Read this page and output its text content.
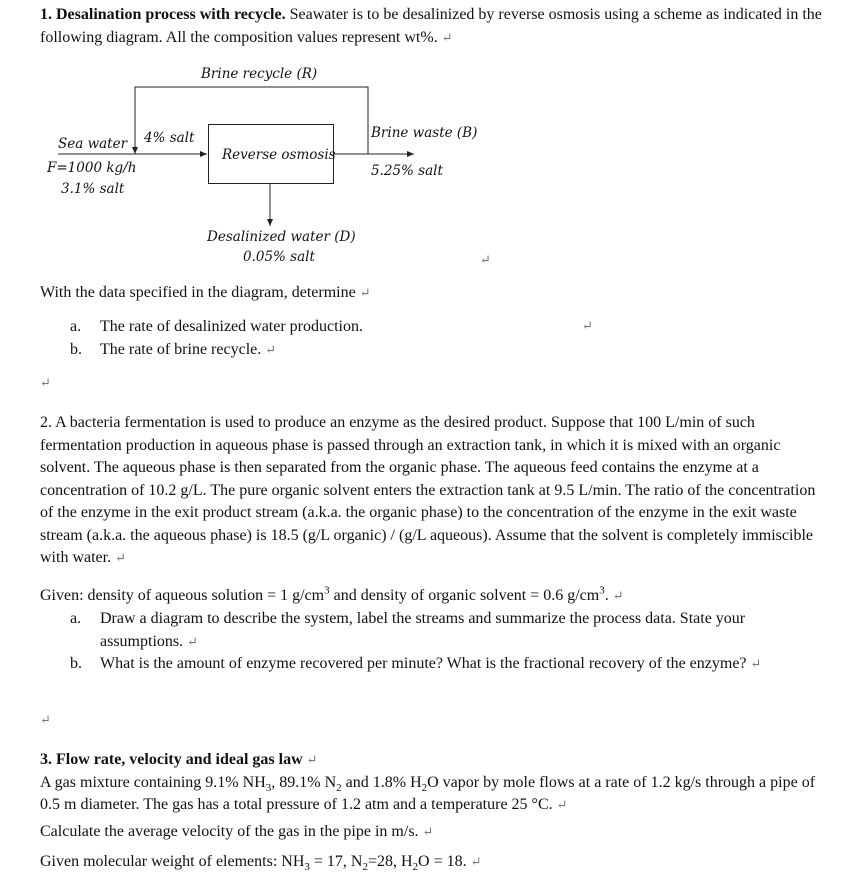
1. Desalination process with recycle. Seawater is to be desalinized by reverse osmosis using a scheme as indicated in the following diagram. All the composition values represent wt%. ↵

Brine recycle (R)
Sea water 4% salt
Reverse osmosis
Brine waste (B)
5.25% salt
F=1000 kg/h
3.1% salt
Desalinized water (D)
0.05% salt	↵

With the data specified in the diagram, determine ↵

a.	The rate of desalinized water production.
b.	The rate of brine recycle. ↵
↵
↵

2. A bacteria fermentation is used to produce an enzyme as the desired product. Suppose that 100 L/min of such fermentation production in aqueous phase is passed through an extraction tank, in which it is mixed with an organic solvent. The aqueous phase is then separated from the organic phase. The aqueous feed contains the enzyme at a concentration of 10.2 g/L. The pure organic solvent enters the extraction tank at 9.5 L/min. The ratio of the concentration of the enzyme in the exit product stream (a.k.a. the organic phase) to the concentration of the enzyme in the exit waste stream (a.k.a. the aqueous phase) is 18.5 (g/L organic) / (g/L aqueous). Assume that the solvent is completely immiscible with water. ↵

Given: density of aqueous solution = 1 $g/cm^3$ and density of organic solvent = 0.6 $g/cm^3$. ↵

a.	Draw a diagram to describe the system, label the streams and summarize the process data. State your assumptions. ↵
b.	What is the amount of enzyme recovered per minute? What is the fractional recovery of the enzyme? ↵
↵

3. Flow rate, velocity and ideal gas law ↵
A gas mixture containing 9.1% $NH_3$, 89.1% $N_2$ and 1.8% $H_2O$ vapor by mole flows at a rate of 1.2 kg/s through a pipe of 0.5 m diameter. The gas has a total pressure of 1.2 atm and a temperature 25 °C. ↵

Calculate the average velocity of the gas in the pipe in m/s. ↵

Given molecular weight of elements: $NH_3 = 17$, $N_2=28$, $H_2O = 18$. ↵
